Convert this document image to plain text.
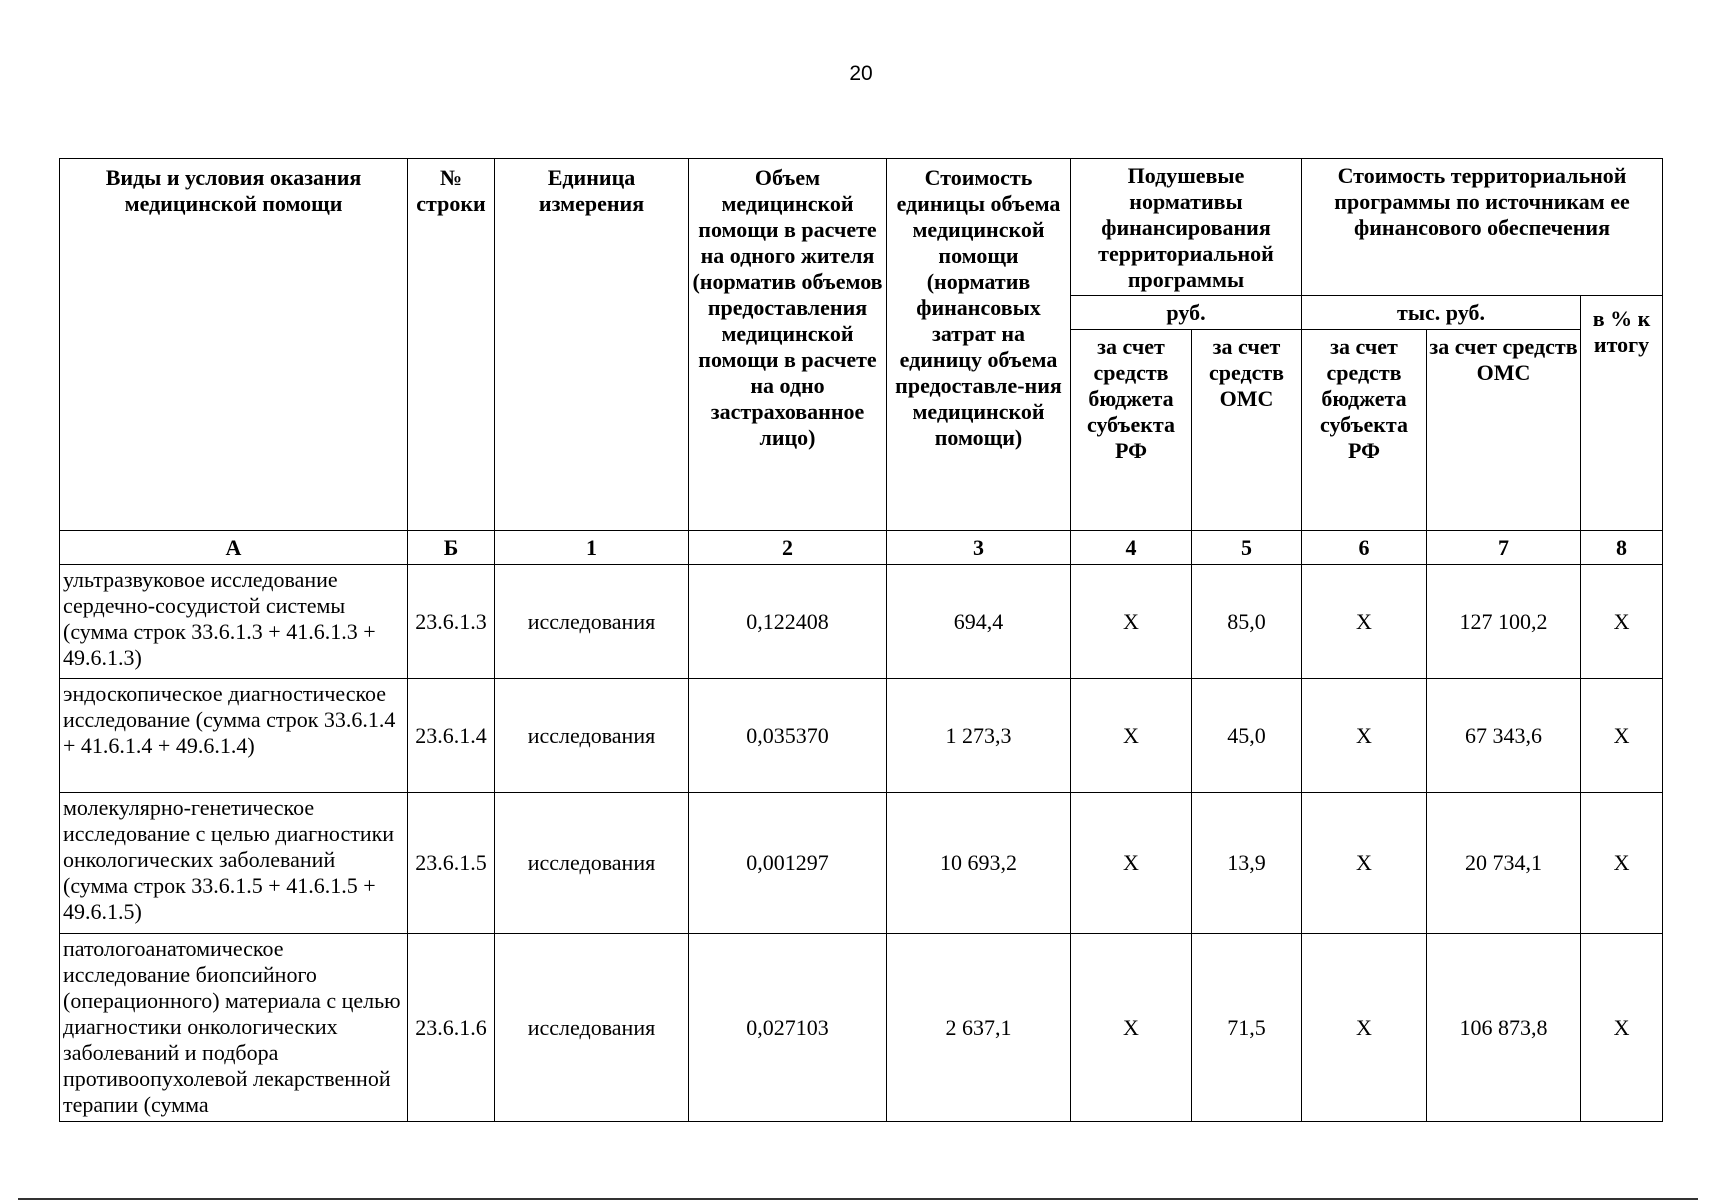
20
Виды и условия оказания медицинской помощи	№ строки	Единица измерения	Объем медицинской помощи в расчете на одного жителя (норматив объемов предоставления медицинской помощи в расчете на одно застрахованное лицо)	Стоимость единицы объема медицинской помощи (норматив финансовых затрат на единицу объема предоставле-ния медицинской помощи)	Подушевые нормативы финансирования территориальной программы		Стоимость территориальной программы по источникам ее финансового обеспечения		
					руб.		тыс. руб.		в % к итогу
					за счет средств бюджета субъекта РФ	за счет средств ОМС	за счет средств бюджета субъекта РФ	за счет средств ОМС	

А	Б	1	2	3	4	5	6	7	8
ультразвуковое исследование сердечно-сосудистой системы (сумма строк 33.6.1.3 + 41.6.1.3 + 49.6.1.3)	23.6.1.3	исследования	0,122408	694,4	Х	85,0	Х	127 100,2	Х
эндоскопическое диагностическое исследование (сумма строк 33.6.1.4 + 41.6.1.4 + 49.6.1.4)	23.6.1.4	исследования	0,035370	1 273,3	Х	45,0	Х	67 343,6	Х
молекулярно-генетическое исследование с целью диагностики онкологических заболеваний (сумма строк 33.6.1.5 + 41.6.1.5 + 49.6.1.5)	23.6.1.5	исследования	0,001297	10 693,2	Х	13,9	Х	20 734,1	Х
патологоанатомическое исследование биопсийного (операционного) материала с целью диагностики онкологических заболеваний и подбора противоопухолевой лекарственной терапии (сумма	23.6.1.6	исследования	0,027103	2 637,1	Х	71,5	Х	106 873,8	Х
